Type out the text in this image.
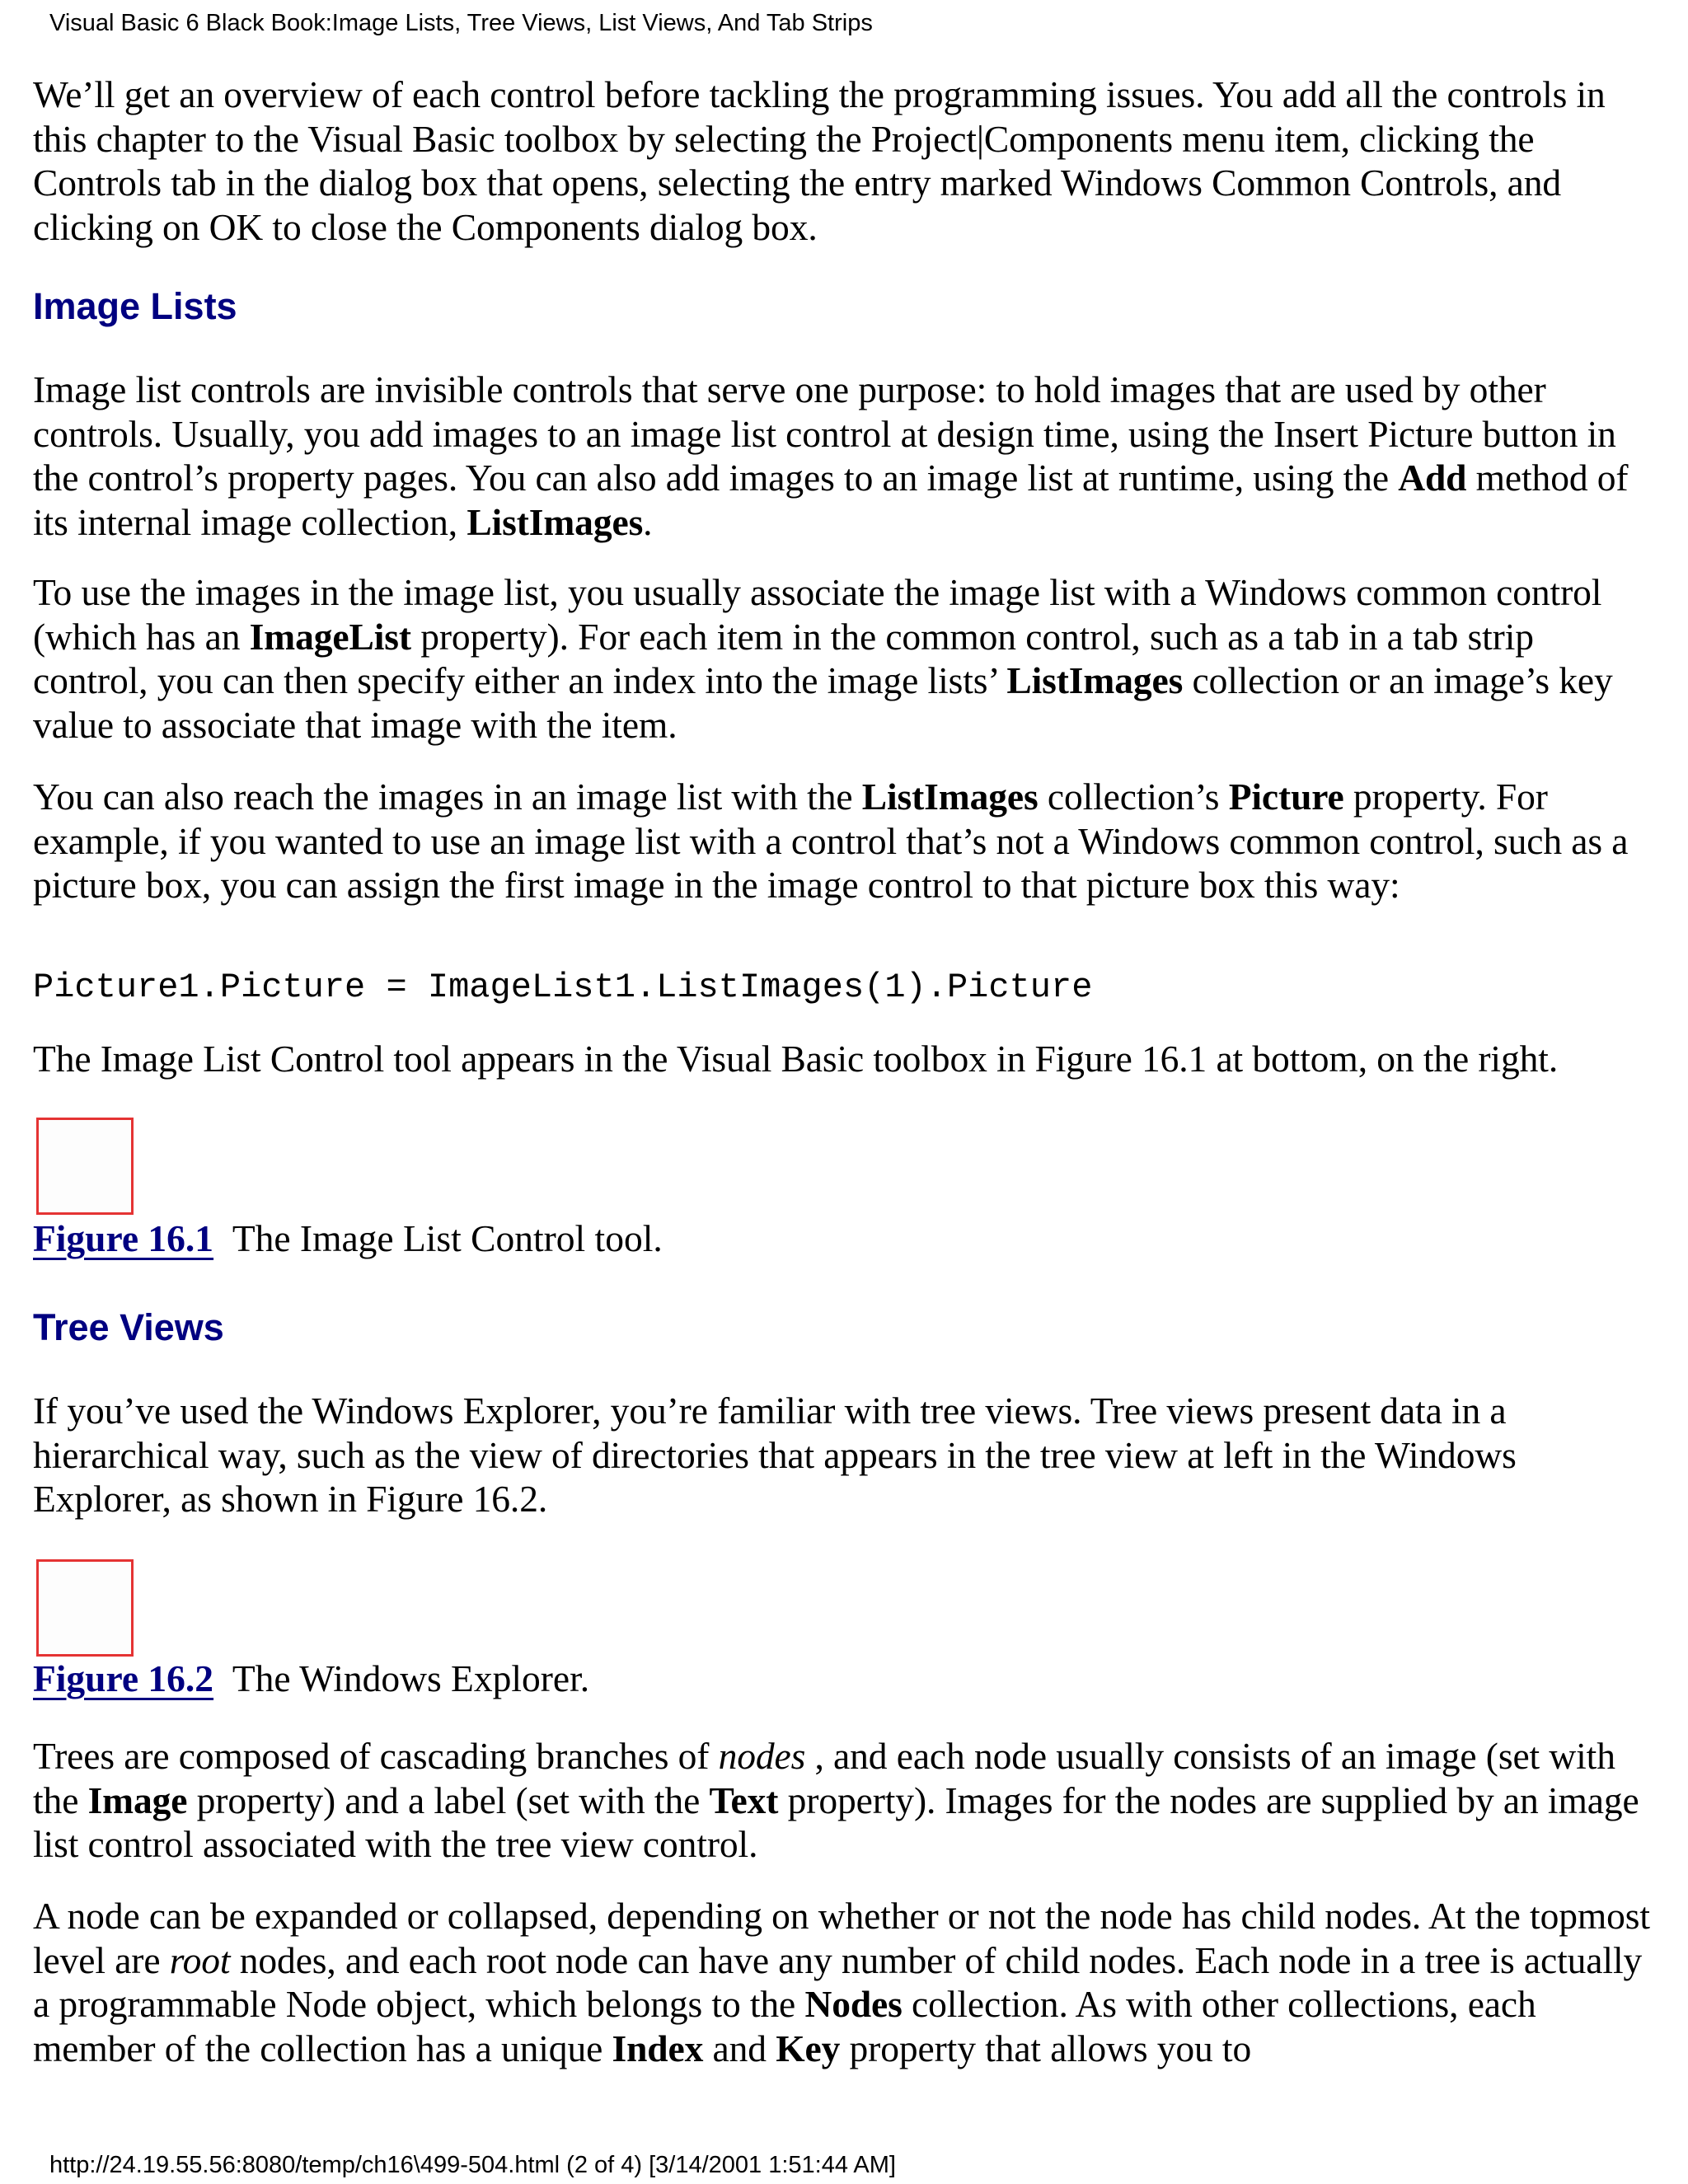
Visual Basic 6 Black Book:Image Lists, Tree Views, List Views, And Tab Strips

We’ll get an overview of each control before tackling the programming issues. You add all the controls in this chapter to the Visual Basic toolbox by selecting the Project|Components menu item, clicking the Controls tab in the dialog box that opens, selecting the entry marked Windows Common Controls, and clicking on OK to close the Components dialog box.

Image Lists

Image list controls are invisible controls that serve one purpose: to hold images that are used by other controls. Usually, you add images to an image list control at design time, using the Insert Picture button in the control’s property pages. You can also add images to an image list at runtime, using the Add method of its internal image collection, ListImages.

To use the images in the image list, you usually associate the image list with a Windows common control (which has an ImageList property). For each item in the common control, such as a tab in a tab strip control, you can then specify either an index into the image lists’ ListImages collection or an image’s key value to associate that image with the item.

You can also reach the images in an image list with the ListImages collection’s Picture property. For example, if you wanted to use an image list with a control that’s not a Windows common control, such as a picture box, you can assign the first image in the image control to that picture box this way:

Picture1.Picture = ImageList1.ListImages(1).Picture

The Image List Control tool appears in the Visual Basic toolbox in Figure 16.1 at bottom, on the right.

Figure 16.1 The Image List Control tool.
Tree Views

If you’ve used the Windows Explorer, you’re familiar with tree views. Tree views present data in a hierarchical way, such as the view of directories that appears in the tree view at left in the Windows Explorer, as shown in Figure 16.2.

Figure 16.2 The Windows Explorer.

Trees are composed of cascading branches of nodes , and each node usually consists of an image (set with the Image property) and a label (set with the Text property). Images for the nodes are supplied by an image list control associated with the tree view control.

A node can be expanded or collapsed, depending on whether or not the node has child nodes. At the topmost level are root nodes, and each root node can have any number of child nodes. Each node in a tree is actually a programmable Node object, which belongs to the Nodes collection. As with other collections, each member of the collection has a unique Index and Key property that allows you to

http://24.19.55.56:8080/temp/ch16\499-504.html (2 of 4) [3/14/2001 1:51:44 AM]
